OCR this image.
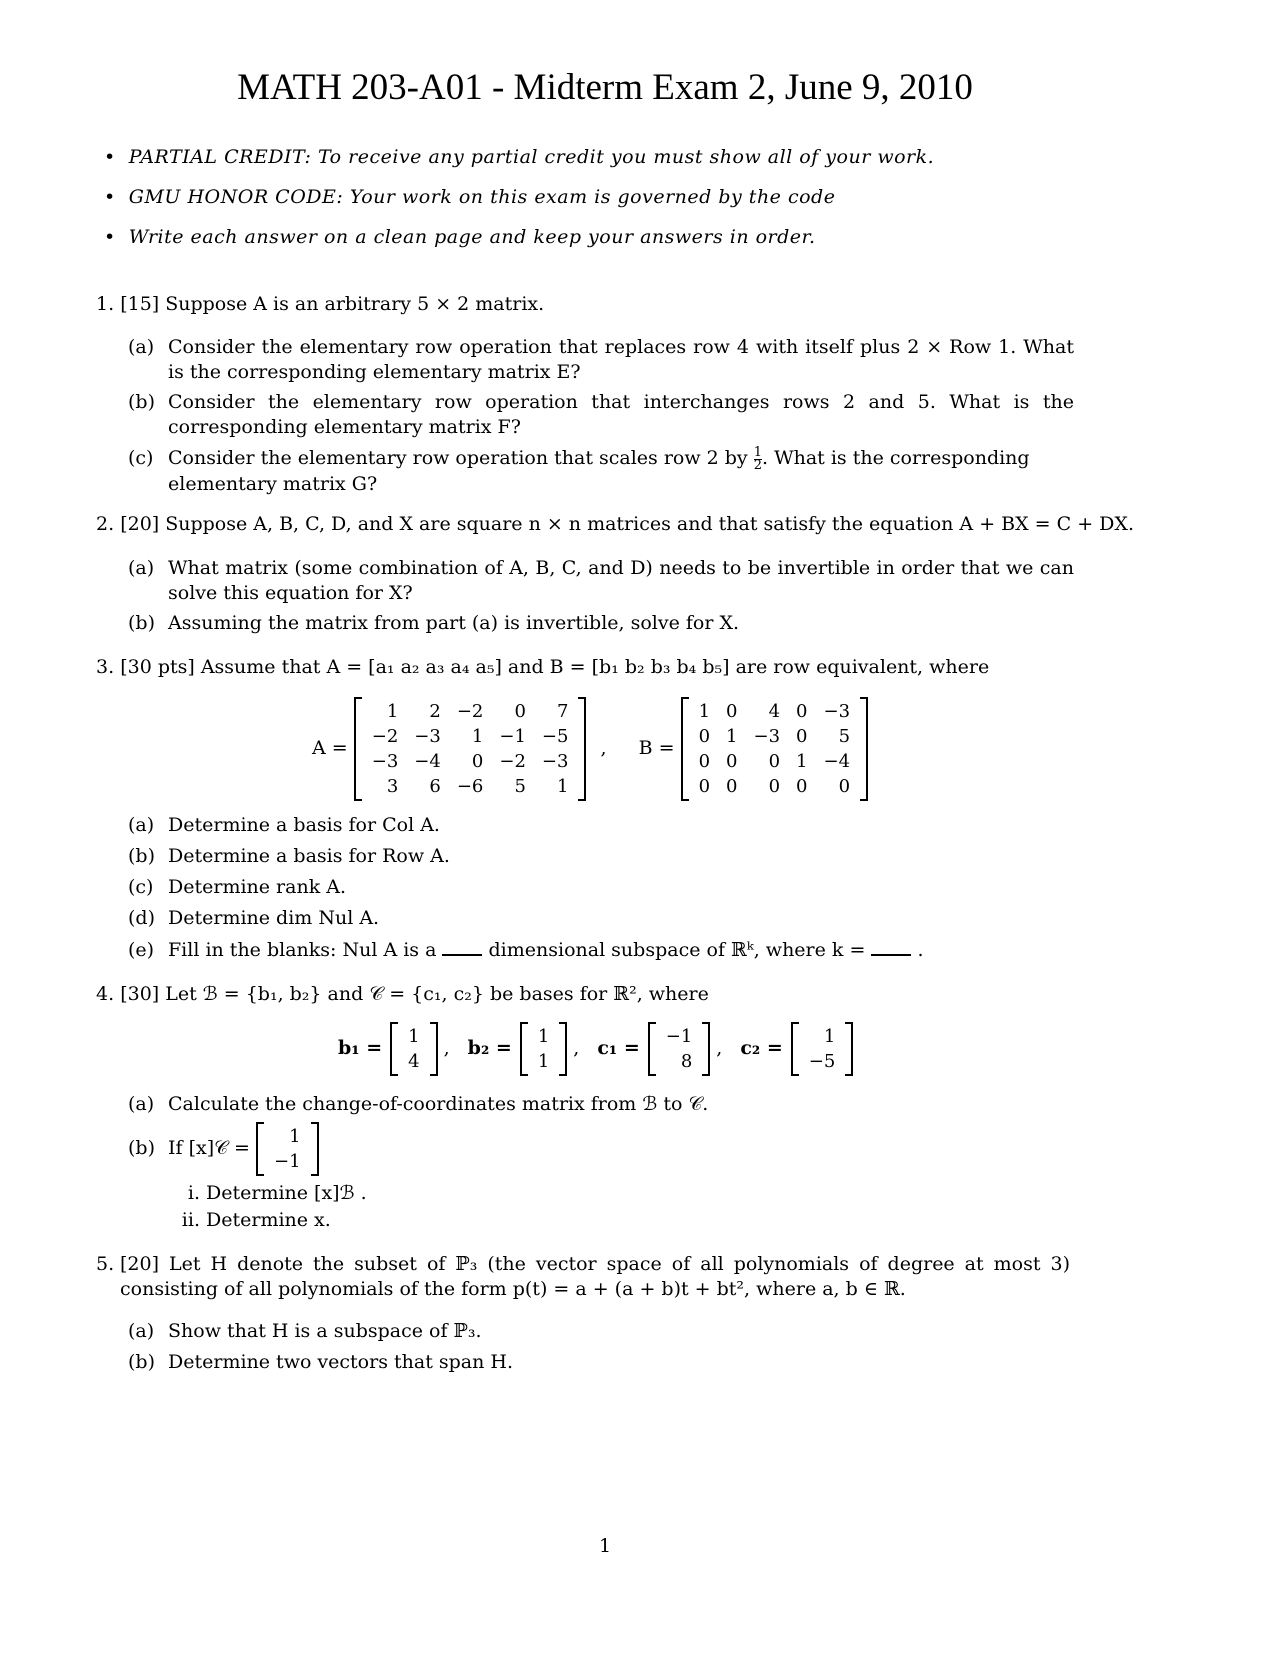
MATH 203-A01 - Midterm Exam 2, June 9, 2010
•  PARTIAL CREDIT: To receive any partial credit you must show all of your work.
•  GMU HONOR CODE: Your work on this exam is governed by the code
•  Write each answer on a clean page and keep your answers in order.
1. [15] Suppose A is an arbitrary 5 × 2 matrix.
(a) Consider the elementary row operation that replaces row 4 with itself plus 2 × Row 1. What is the corresponding elementary matrix E?
(b) Consider the elementary row operation that interchanges rows 2 and 5. What is the corresponding elementary matrix F?
(c) Consider the elementary row operation that scales row 2 by $\frac{1}{2}$ . What is the corresponding elementary matrix G?
2. [20] Suppose A, B, C, D, and X are square n × n matrices and that satisfy the equation A + BX = C + DX.
(a) What matrix (some combination of A, B, C, and D) needs to be invertible in order that we can solve this equation for X?
(b) Assuming the matrix from part (a) is invertible, solve for X.
3. [30 pts] Assume that A = [a₁ a₂ a₃ a₄ a₅] and B = [b₁ b₂ b₃ b₄ b₅] are row equivalent, where
A =
1	2	−2	0	7
−2	−3	1	−1	−5
−3	−4	0	−2	−3
3	6	−6	5	1
, B =
1	0	4	0	−3
0	1	−3	0	5
0	0	0	1	−4
0	0	0	0	0
(a) Determine a basis for Col A.
(b) Determine a basis for Row A.
(c) Determine rank A.
(d) Determine dim Nul A.
(e) Fill in the blanks: Nul A is a	dimensional subspace of ℝᵏ, where k =	.
4. [30] Let ℬ = {b₁, b₂} and 𝒞 = {c₁, c₂} be bases for ℝ², where
b₁ =
1
4
, b₂ =
1
1
, c₁ =
−1
8
, c₂ =
1
−5
(a) Calculate the change-of-coordinates matrix from ℬ to 𝒞.
(b) If [x]𝒞 =
1
−1
i. Determine [x]ℬ .
ii. Determine x.
5. [20] Let H denote the subset of ℙ₃ (the vector space of all polynomials of degree at most 3) consisting of all polynomials of the form p(t) = a + (a + b)t + bt², where a, b ∈ ℝ.
(a) Show that H is a subspace of ℙ₃.
(b) Determine two vectors that span H.
1
